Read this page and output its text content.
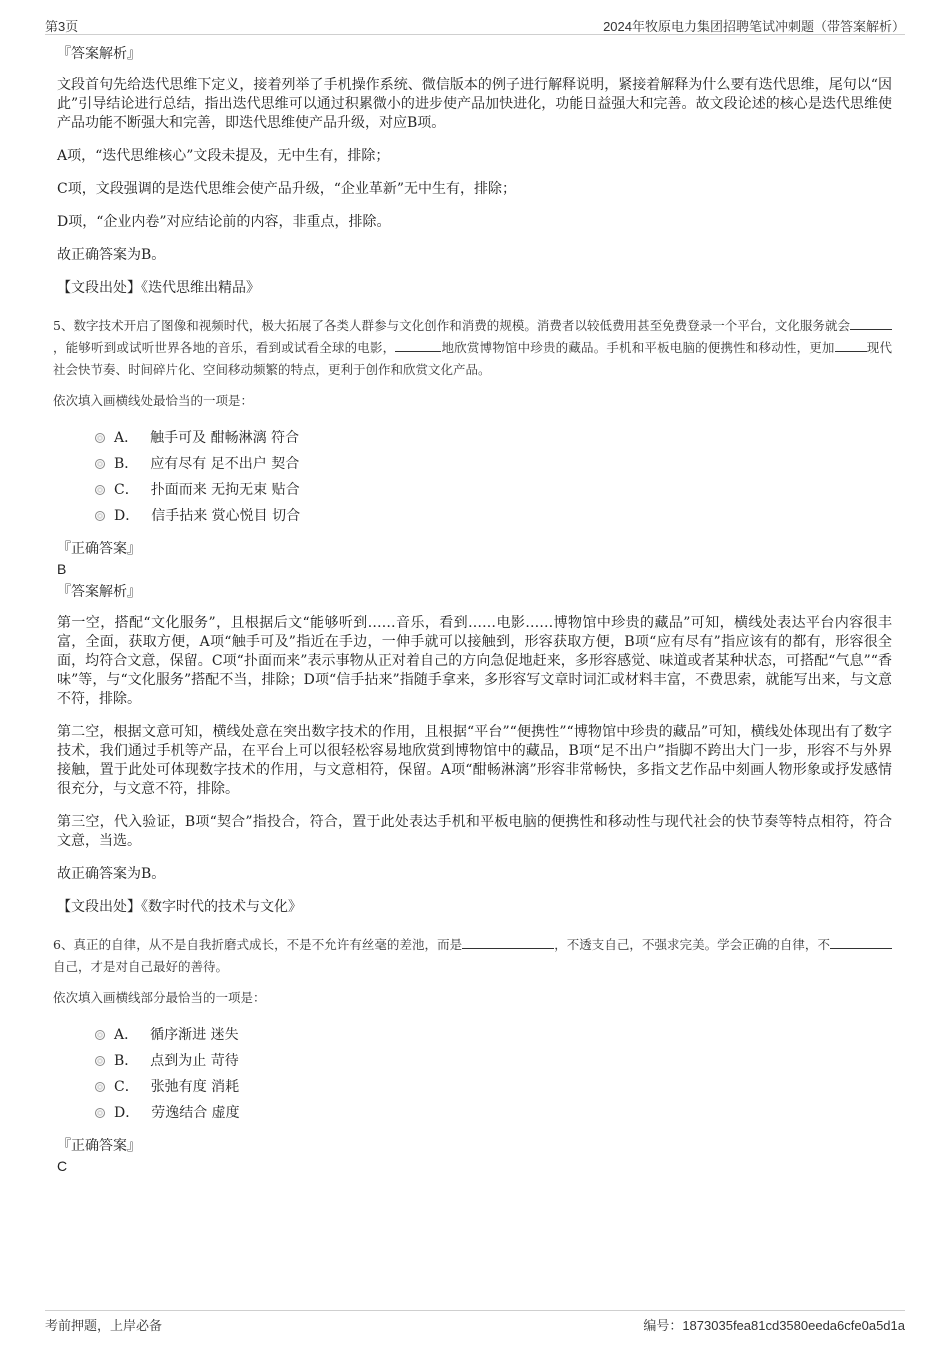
第3页	2024年牧原电力集团招聘笔试冲刺题（带答案解析）

『答案解析』

文段首句先给迭代思维下定义，接着列举了手机操作系统、微信版本的例子进行解释说明，紧接着解释为什么要有迭代思维，尾句以“因此”引导结论进行总结，指出迭代思维可以通过积累微小的进步使产品加快进化，功能日益强大和完善。故文段论述的核心是迭代思维使产品功能不断强大和完善，即迭代思维使产品升级，对应B项。

A项，“迭代思维核心”文段未提及，无中生有，排除；

C项，文段强调的是迭代思维会使产品升级，“企业革新”无中生有，排除；

D项，“企业内卷”对应结论前的内容，非重点，排除。

故正确答案为B。

【文段出处】《迭代思维出精品》

5、数字技术开启了图像和视频时代，极大拓展了各类人群参与文化创作和消费的规模。消费者以较低费用甚至免费登录一个平台，文化服务就会，能够听到或试听世界各地的音乐，看到或试看全球的电影，	地欣赏博物馆中珍贵的藏品。手机和平板电脑的便携性和移动性，更加	现代社会快节奏、时间碎片化、空间移动频繁的特点，更利于创作和欣赏文化产品。

依次填入画横线处最恰当的一项是：

A． 触手可及 酣畅淋漓 符合
B． 应有尽有 足不出户 契合
C． 扑面而来 无拘无束 贴合
D． 信手拈来 赏心悦目 切合

『正确答案』

B

『答案解析』

第一空，搭配“文化服务”，且根据后文“能够听到……音乐，看到……电影……博物馆中珍贵的藏品”可知，横线处表达平台内容很丰富，全面，获取方便，A项“触手可及”指近在手边，一伸手就可以接触到，形容获取方便，B项“应有尽有”指应该有的都有，形容很全面，均符合文意，保留。C项“扑面而来”表示事物从正对着自己的方向急促地赶来，多形容感觉、味道或者某种状态，可搭配“气息”“香味”等，与“文化服务”搭配不当，排除；D项“信手拈来”指随手拿来，多形容写文章时词汇或材料丰富，不费思索，就能写出来，与文意不符，排除。

第二空，根据文意可知，横线处意在突出数字技术的作用，且根据“平台”“便携性”“博物馆中珍贵的藏品”可知，横线处体现出有了数字技术，我们通过手机等产品，在平台上可以很轻松容易地欣赏到博物馆中的藏品，B项“足不出户”指脚不跨出大门一步，形容不与外界接触，置于此处可体现数字技术的作用，与文意相符，保留。A项“酣畅淋漓”形容非常畅快，多指文艺作品中刻画人物形象或抒发感情很充分，与文意不符，排除。

第三空，代入验证，B项“契合”指投合，符合，置于此处表达手机和平板电脑的便携性和移动性与现代社会的快节奏等特点相符，符合文意，当选。

故正确答案为B。

【文段出处】《数字时代的技术与文化》

6、真正的自律，从不是自我折磨式成长，不是不允许有丝毫的差池，而是	，不透支自己，不强求完美。学会正确的自律，不自己，才是对自己最好的善待。

依次填入画横线部分最恰当的一项是：

A． 循序渐进 迷失
B． 点到为止 苛待
C． 张弛有度 消耗
D． 劳逸结合 虚度

『正确答案』

C

考前押题，上岸必备	编号：1873035fea81cd3580eeda6cfe0a5d1a
